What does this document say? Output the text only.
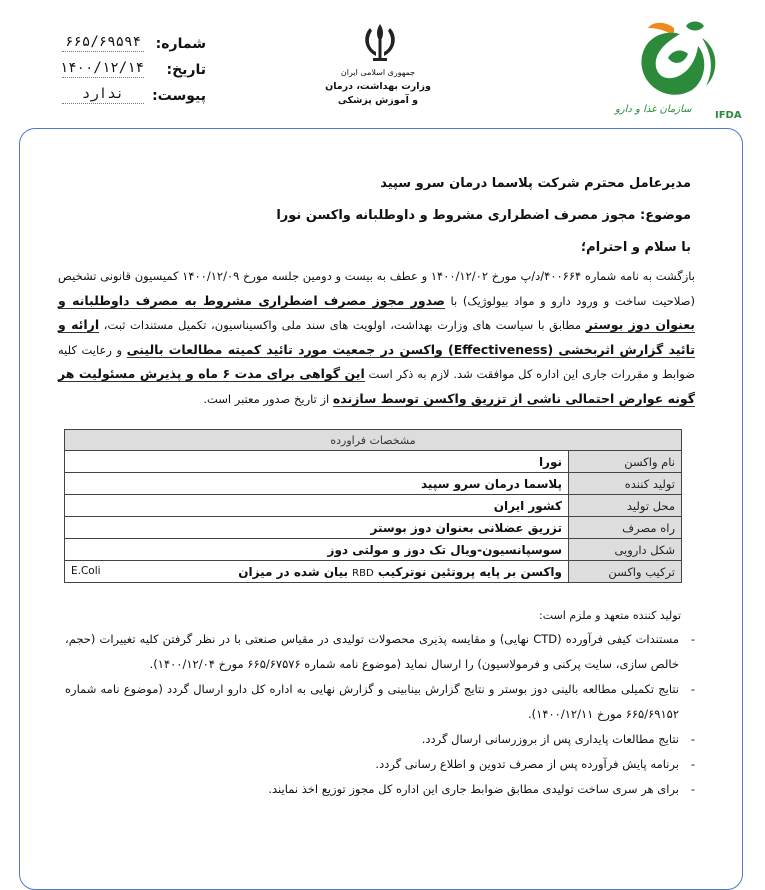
شماره:
۶۶۵/۶۹۵۹۴
تاریخ:
۱۴۰۰/۱۲/۱۴
پیوست:
ندارد
جمهوری اسلامی ایران
وزارت بهداشت، درمان
و آموزش پزشکی
سازمان غذا و دارو
IFDA
مدیرعامل محترم شرکت پلاسما درمان سرو سپید
موضوع: مجوز مصرف اضطراری مشروط و داوطلبانه واکسن نورا
با سلام و احترام؛
بازگشت به نامه شماره ۴۰۰۶۶۴/د/پ مورخ ۱۴۰۰/۱۲/۰۲ و عطف به بیست و دومین جلسه مورخ ۱۴۰۰/۱۲/۰۹ کمیسیون قانونی تشخیص (صلاحیت ساخت و ورود دارو و مواد بیولوژیک) با صدور مجوز مصرف اضطراری مشروط به مصرف داوطلبانه و بعنوان دوز بوستر مطابق با سیاست های وزارت بهداشت، اولویت های سند ملی واکسیناسیون، تکمیل مستندات ثبت، ارائه و تائید گزارش اثربخشی (Effectiveness) واکسن در جمعیت مورد تائید کمیته مطالعات بالینی و رعایت کلیه ضوابط و مقررات جاری این اداره کل موافقت شد. لازم به ذکر است این گواهی برای مدت ۶ ماه و پذیرش مسئولیت هر گونه عوارض احتمالی ناشی از تزریق واکسن توسط سازنده از تاریخ صدور معتبر است.
مشخصات فراورده	
نام واکسن	نورا
تولید کننده	پلاسما درمان سرو سپید
محل تولید	کشور ایران
راه مصرف	تزریق عضلانی بعنوان دوز بوستر
شکل دارویی	سوسپانسیون-ویال تک دوز و مولتی دوز
ترکیب واکسن	E.Coli واکسن بر پایه پروتئین نوترکیب RBD بیان شده در میزان
تولید کننده متعهد و ملزم است:
- مستندات کیفی فرآورده (CTD نهایی) و مقایسه پذیری محصولات تولیدی در مقیاس صنعتی با در نظر گرفتن کلیه تغییرات (حجم، خالص سازی، سایت پرکنی و فرمولاسیون) را ارسال نماید (موضوع نامه شماره ۶۶۵/۶۷۵۷۶ مورخ ۱۴۰۰/۱۲/۰۴).
- نتایج تکمیلی مطالعه بالینی دوز بوستر و نتایج گزارش بینابینی و گزارش نهایی به اداره کل دارو ارسال گردد (موضوع نامه شماره ۶۶۵/۶۹۱۵۲ مورخ ۱۴۰۰/۱۲/۱۱).
- نتایج مطالعات پایداری پس از بروزرسانی ارسال گردد.
- برنامه پایش فرآورده پس از مصرف تدوین و اطلاع رسانی گردد.
- برای هر سری ساخت تولیدی مطابق ضوابط جاری این اداره کل مجوز توزیع اخذ نمایند.
